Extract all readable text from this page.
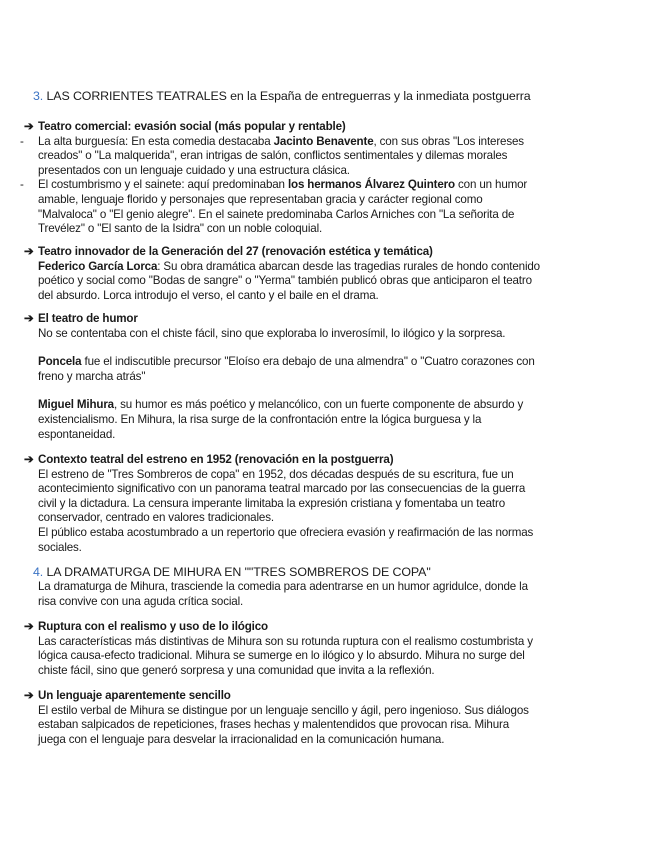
3. LAS CORRIENTES TEATRALES en la España de entreguerras y la inmediata postguerra
➔ Teatro comercial: evasión social (más popular y rentable)
- La alta burguesía: En esta comedia destacaba Jacinto Benavente, con sus obras "Los intereses
creados" o "La malquerida", eran intrigas de salón, conflictos sentimentales y dilemas morales
presentados con un lenguaje cuidado y una estructura clásica.
- El costumbrismo y el sainete: aquí predominaban los hermanos Álvarez Quintero con un humor
amable, lenguaje florido y personajes que representaban gracia y carácter regional como
"Malvaloca" o "El genio alegre". En el sainete predominaba Carlos Arniches con "La señorita de
Trevélez" o "El santo de la Isidra" con un noble coloquial.
➔ Teatro innovador de la Generación del 27 (renovación estética y temática)
Federico García Lorca: Su obra dramática abarcan desde las tragedias rurales de hondo contenido
poético y social como "Bodas de sangre" o "Yerma" también publicó obras que anticiparon el teatro
del absurdo. Lorca introdujo el verso, el canto y el baile en el drama.
➔ El teatro de humor
No se contentaba con el chiste fácil, sino que exploraba lo inverosímil, lo ilógico y la sorpresa.
Poncela fue el indiscutible precursor "Eloíso era debajo de una almendra" o "Cuatro corazones con
freno y marcha atrás"
Miguel Mihura, su humor es más poético y melancólico, con un fuerte componente de absurdo y
existencialismo. En Mihura, la risa surge de la confrontación entre la lógica burguesa y la
espontaneidad.
➔ Contexto teatral del estreno en 1952 (renovación en la postguerra)
El estreno de "Tres Sombreros de copa" en 1952, dos décadas después de su escritura, fue un
acontecimiento significativo con un panorama teatral marcado por las consecuencias de la guerra
civil y la dictadura. La censura imperante limitaba la expresión cristiana y fomentaba un teatro
conservador, centrado en valores tradicionales.
El público estaba acostumbrado a un repertorio que ofreciera evasión y reafirmación de las normas
sociales.
4. LA DRAMATURGA DE MIHURA EN ""TRES SOMBREROS DE COPA"
La dramaturga de Mihura, trasciende la comedia para adentrarse en un humor agridulce, donde la
risa convive con una aguda crítica social.
➔ Ruptura con el realismo y uso de lo ilógico
Las características más distintivas de Mihura son su rotunda ruptura con el realismo costumbrista y
lógica causa-efecto tradicional. Mihura se sumerge en lo ilógico y lo absurdo. Mihura no surge del
chiste fácil, sino que generó sorpresa y una comunidad que invita a la reflexión.
➔ Un lenguaje aparentemente sencillo
El estilo verbal de Mihura se distingue por un lenguaje sencillo y ágil, pero ingenioso. Sus diálogos
estaban salpicados de repeticiones, frases hechas y malentendidos que provocan risa. Mihura
juega con el lenguaje para desvelar la irracionalidad en la comunicación humana.
